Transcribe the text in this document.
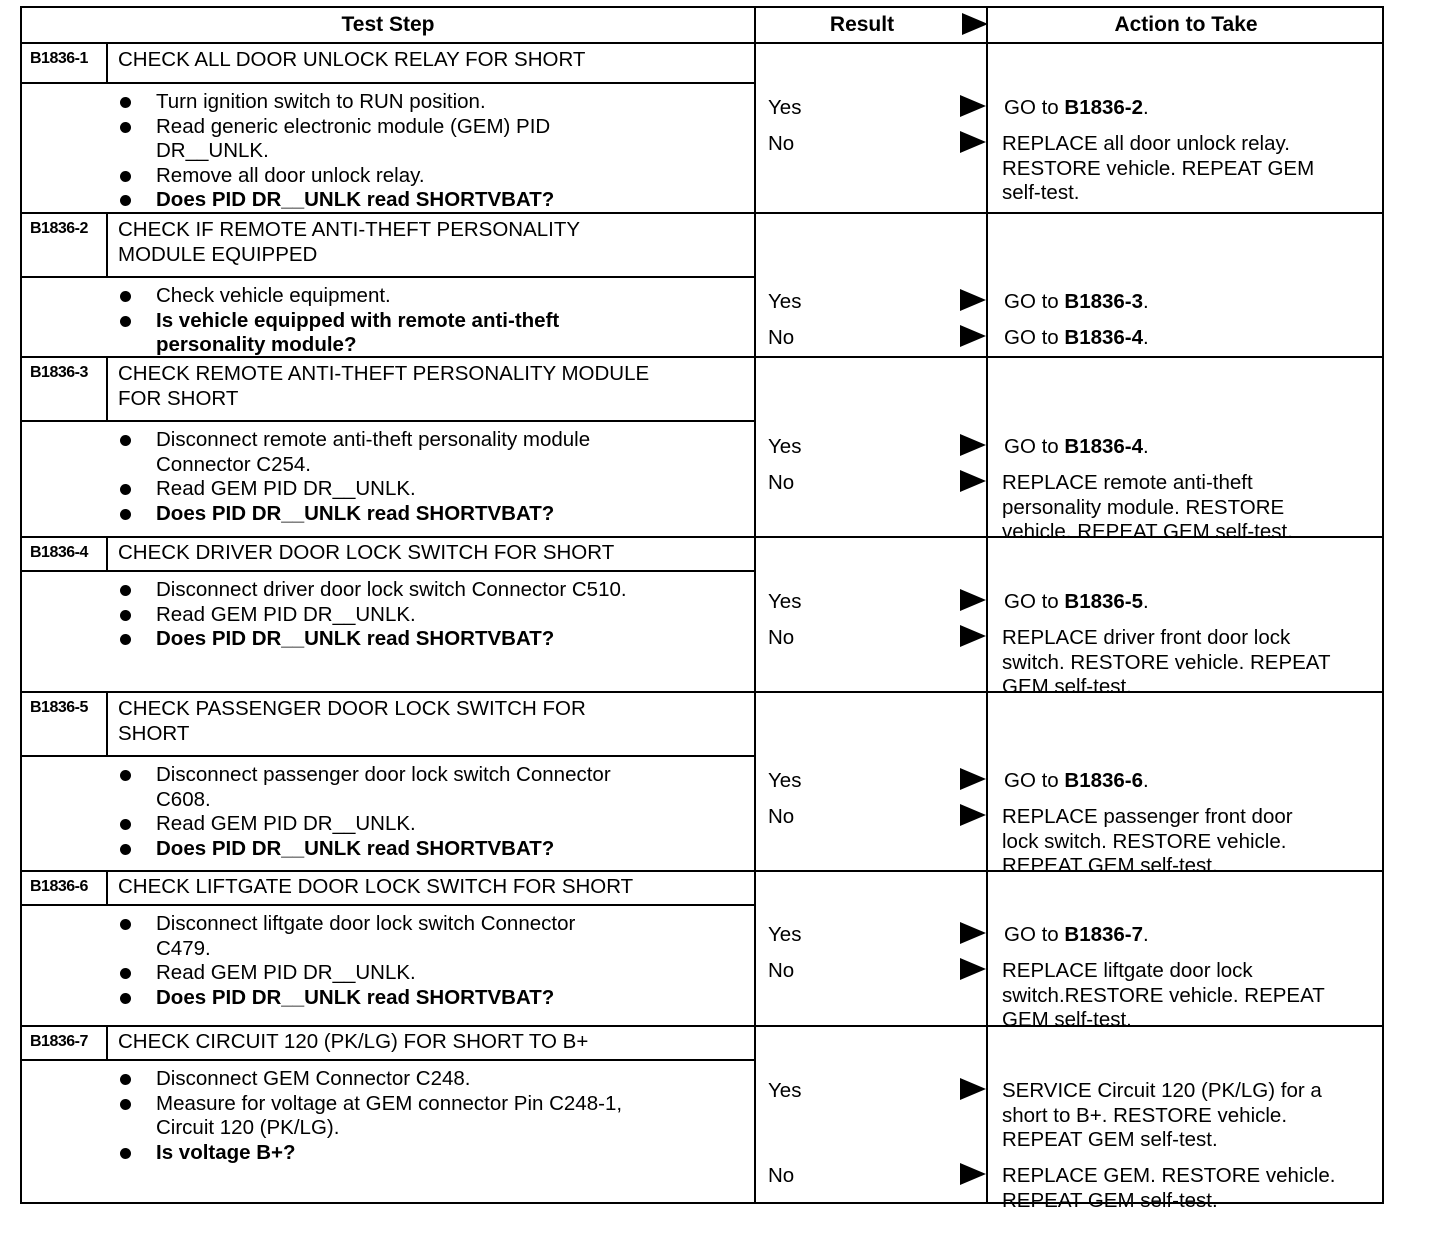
Test Step	Result	Action to Take
B1836-1 CHECK ALL DOOR UNLOCK RELAY FOR SHORT
Turn ignition switch to RUN position.
Read generic electronic module (GEM) PID
DR__UNLK.
Remove all door unlock relay.
Does PID DR__UNLK read SHORTVBAT?
Yes	GO to B1836-2.
No	REPLACE all door unlock relay.
RESTORE vehicle. REPEAT GEM
self-test.
B1836-2 CHECK IF REMOTE ANTI-THEFT PERSONALITY
MODULE EQUIPPED
Check vehicle equipment.
Is vehicle equipped with remote anti-theft
personality module?
Yes	GO to B1836-3.
No	GO to B1836-4.
B1836-3 CHECK REMOTE ANTI-THEFT PERSONALITY MODULE
FOR SHORT
Disconnect remote anti-theft personality module
Connector C254.
Read GEM PID DR__UNLK.
Does PID DR__UNLK read SHORTVBAT?
Yes	GO to B1836-4.
No	REPLACE remote anti-theft
personality module. RESTORE
vehicle. REPEAT GEM self-test.
B1836-4 CHECK DRIVER DOOR LOCK SWITCH FOR SHORT
Disconnect driver door lock switch Connector C510.
Read GEM PID DR__UNLK.
Does PID DR__UNLK read SHORTVBAT?
Yes	GO to B1836-5.
No	REPLACE driver front door lock
switch. RESTORE vehicle. REPEAT
GEM self-test.
B1836-5 CHECK PASSENGER DOOR LOCK SWITCH FOR
SHORT
Disconnect passenger door lock switch Connector
C608.
Read GEM PID DR__UNLK.
Does PID DR__UNLK read SHORTVBAT?
Yes	GO to B1836-6.
No	REPLACE passenger front door
lock switch. RESTORE vehicle.
REPEAT GEM self-test.
B1836-6 CHECK LIFTGATE DOOR LOCK SWITCH FOR SHORT
Disconnect liftgate door lock switch Connector
C479.
Read GEM PID DR__UNLK.
Does PID DR__UNLK read SHORTVBAT?
Yes	GO to B1836-7.
No	REPLACE liftgate door lock
switch.RESTORE vehicle. REPEAT
GEM self-test.
B1836-7 CHECK CIRCUIT 120 (PK/LG) FOR SHORT TO B+
Disconnect GEM Connector C248.
Measure for voltage at GEM connector Pin C248-1,
Circuit 120 (PK/LG).
Is voltage B+?
Yes	SERVICE Circuit 120 (PK/LG) for a
short to B+. RESTORE vehicle.
REPEAT GEM self-test.
No	REPLACE GEM. RESTORE vehicle.
REPEAT GEM self-test.
